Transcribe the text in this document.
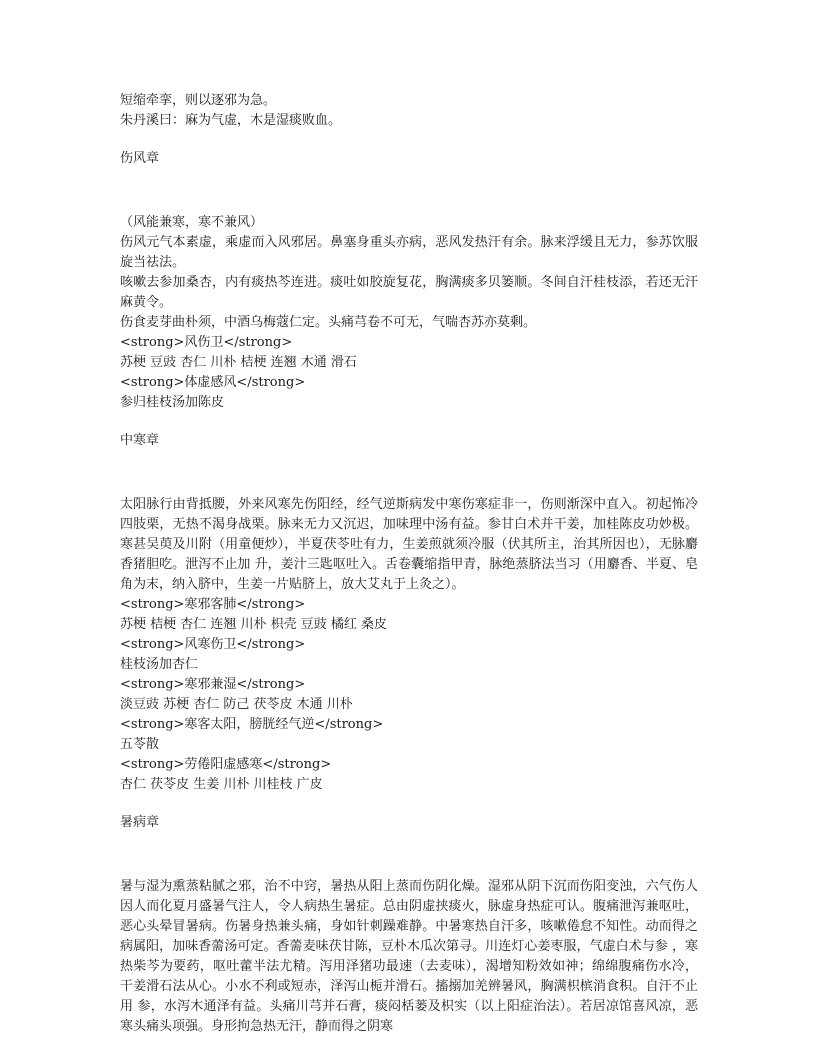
短缩牵挛，则以逐邪为急。
朱丹溪曰：麻为气虚，木是湿痰败血。
伤风章
（风能兼寒，寒不兼风）
伤风元气本素虚，乘虚而入风邪居。鼻塞身重头亦病，恶风发热汗有余。脉来浮缓且无力，参苏饮服旋当祛法。
咳嗽去参加桑杏，内有痰热芩连进。痰吐如胶旋复花，胸满痰多贝篓顺。冬间自汗桂枝添，若还无汗麻黄令。
伤食麦芽曲朴须，中酒乌梅蔻仁定。头痛芎卷不可无，气喘杏苏亦莫剩。
<strong>风伤卫</strong>
苏梗 豆豉 杏仁 川朴 桔梗 连翘 木通 滑石
<strong>体虚感风</strong>
参归桂枝汤加陈皮
中寒章
太阳脉行由背抵腰，外来风寒先伤阳经，经气逆斯病发中寒伤寒症非一，伤则渐深中直入。初起怖冷四肢栗，无热不渴身战栗。脉来无力又沉迟，加味理中汤有益。参甘白术并干姜，加桂陈皮功妙极。寒甚吴萸及川附（用童便炒），半夏茯苓吐有力，生姜煎就须冷服（伏其所主，治其所因也），无脉麝香猪胆吃。泄泻不止加 升，姜汁三匙呕吐入。舌卷囊缩指甲青，脉绝蒸脐法当习（用麝香、半夏、皂角为末，纳入脐中，生姜一片贴脐上，放大艾丸于上灸之）。
<strong>寒邪客肺</strong>
苏梗 桔梗 杏仁 连翘 川朴 枳壳 豆豉 橘红 桑皮
<strong>风寒伤卫</strong>
桂枝汤加杏仁
<strong>寒邪兼湿</strong>
淡豆豉 苏梗 杏仁 防己 茯苓皮 木通 川朴
<strong>寒客太阳，膀胱经气逆</strong>
五苓散
<strong>劳倦阳虚感寒</strong>
杏仁 茯苓皮 生姜 川朴 川桂枝 广皮
暑病章
暑与湿为熏蒸粘腻之邪，治不中窍，暑热从阳上蒸而伤阴化燥。湿邪从阴下沉而伤阳变浊，六气伤人因人而化夏月盛暑气注人，令人病热生暑症。总由阴虚挟痰火，脉虚身热症可认。腹痛泄泻兼呕吐，恶心头晕冒暑病。伤暑身热兼头痛，身如针刺躁难静。中暑寒热自汗多，咳嗽倦怠不知性。动而得之病属阳，加味香薷汤可定。香薷麦味茯甘陈，豆朴木瓜次第寻。川连灯心姜枣服，气虚白术与参 ，寒热柴芩为要药，呕吐藿半法尤精。泻用泽猪功最速（去麦味），渴增知粉效如神；绵绵腹痛伤水冷，干姜滑石法从心。小水不利或短赤，泽泻山栀并滑石。搐搦加羌辨暑风，胸满枳槟消食积。自汗不止用 参，水泻木通泽有益。头痛川芎并石膏，痰闷栝蒌及枳实（以上阳症治法）。若居凉馆喜风凉，恶寒头痛头项强。身形拘急热无汗，静而得之阴寒
